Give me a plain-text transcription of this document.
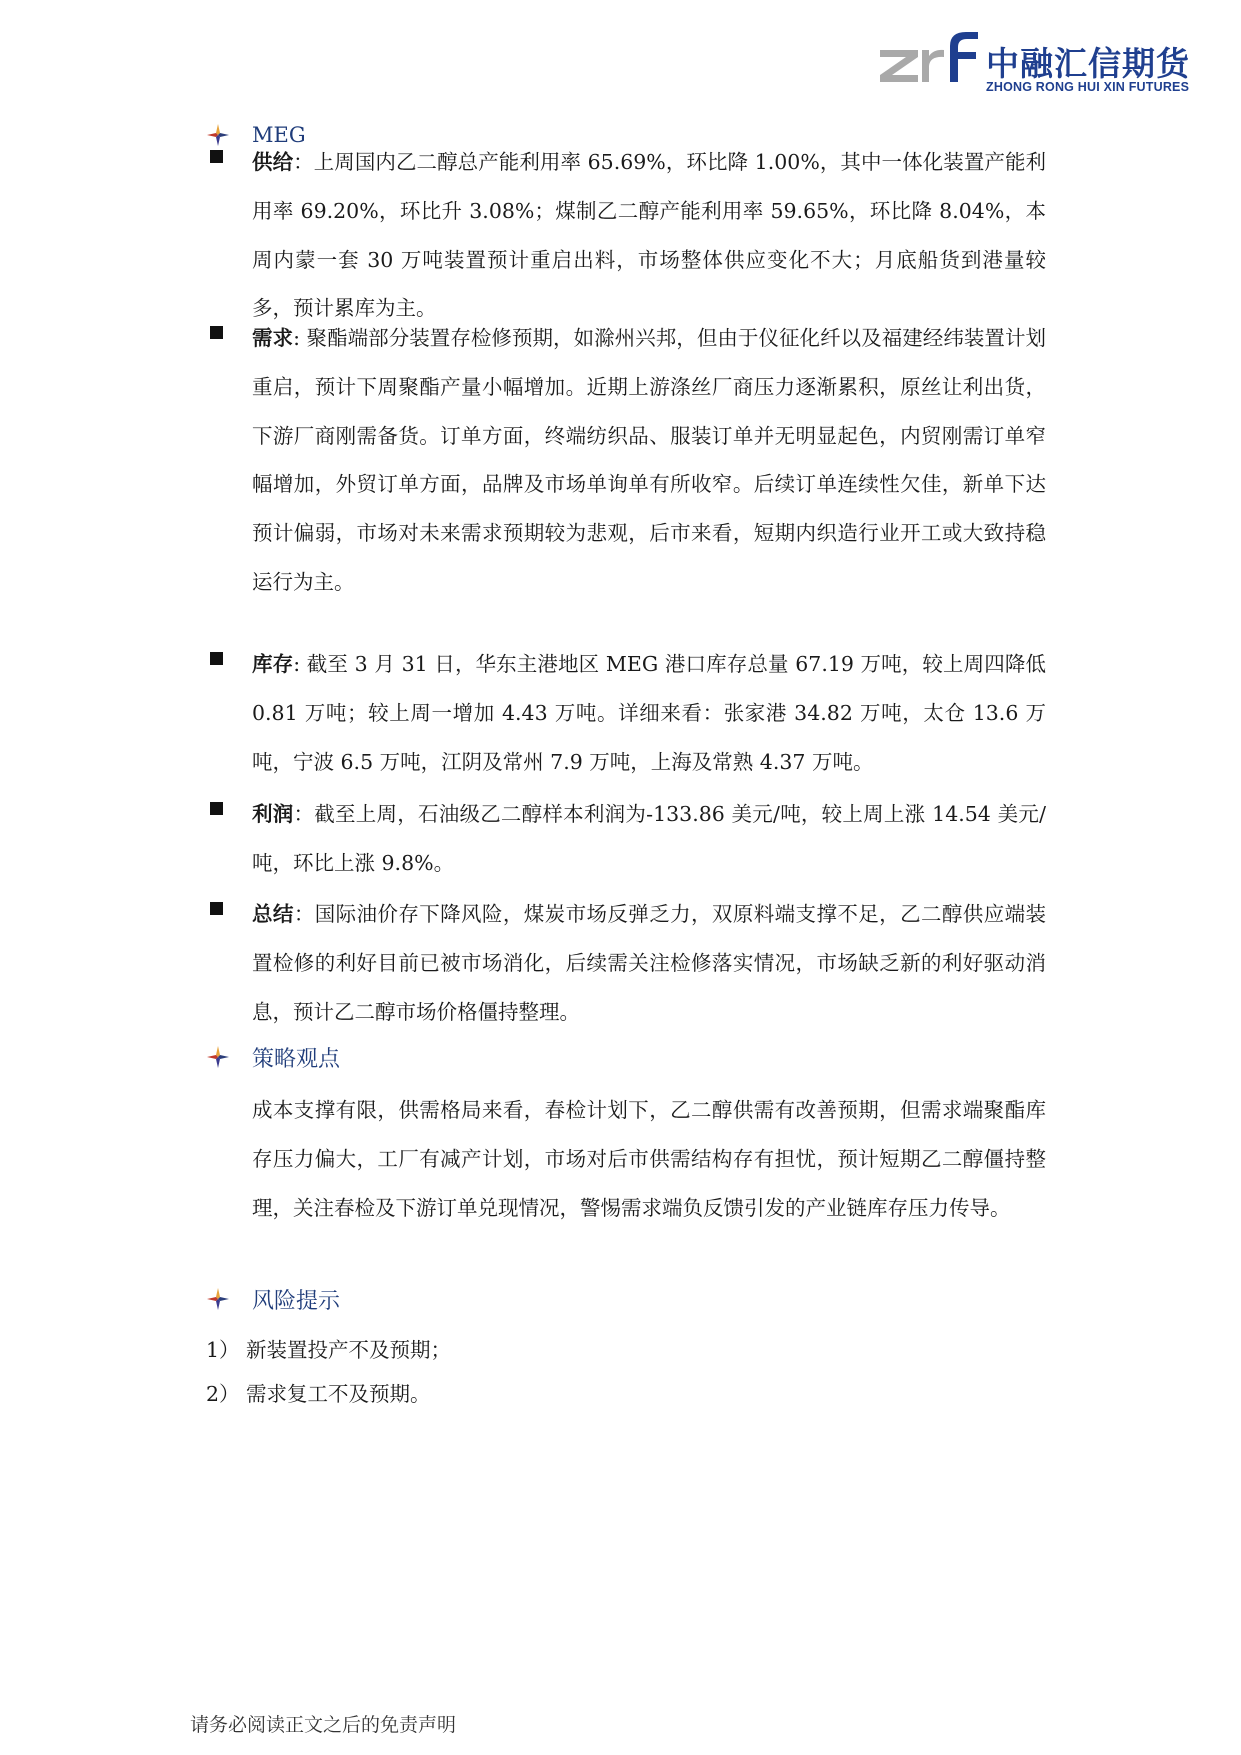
中融汇信期货
ZHONG RONG HUI XIN FUTURES
MEG
供给：上周国内乙二醇总产能利用率 65.69%，环比降 1.00%，其中一体化装置产能利用率 69.20%，环比升 3.08%；煤制乙二醇产能利用率 59.65%，环比降 8.04%，本周内蒙一套 30 万吨装置预计重启出料，市场整体供应变化不大；月底船货到港量较多，预计累库为主。
需求: 聚酯端部分装置存检修预期，如滁州兴邦，但由于仪征化纤以及福建经纬装置计划重启，预计下周聚酯产量小幅增加。近期上游涤丝厂商压力逐渐累积，原丝让利出货，下游厂商刚需备货。订单方面，终端纺织品、服装订单并无明显起色，内贸刚需订单窄幅增加，外贸订单方面，品牌及市场单询单有所收窄。后续订单连续性欠佳，新单下达预计偏弱，市场对未来需求预期较为悲观，后市来看，短期内织造行业开工或大致持稳运行为主。
库存: 截至 3 月 31 日，华东主港地区 MEG 港口库存总量 67.19 万吨，较上周四降低 0.81 万吨；较上周一增加 4.43 万吨。详细来看：张家港 34.82 万吨，太仓 13.6 万吨，宁波 6.5 万吨，江阴及常州 7.9 万吨，上海及常熟 4.37 万吨。
利润：截至上周，石油级乙二醇样本利润为-133.86 美元/吨，较上周上涨 14.54 美元/吨，环比上涨 9.8%。
总结：国际油价存下降风险，煤炭市场反弹乏力，双原料端支撑不足，乙二醇供应端装置检修的利好目前已被市场消化，后续需关注检修落实情况，市场缺乏新的利好驱动消息，预计乙二醇市场价格僵持整理。
策略观点
成本支撑有限，供需格局来看，春检计划下，乙二醇供需有改善预期，但需求端聚酯库存压力偏大，工厂有减产计划，市场对后市供需结构存有担忧，预计短期乙二醇僵持整理，关注春检及下游订单兑现情况，警惕需求端负反馈引发的产业链库存压力传导。
风险提示
1） 新装置投产不及预期；
2） 需求复工不及预期。
请务必阅读正文之后的免责声明
